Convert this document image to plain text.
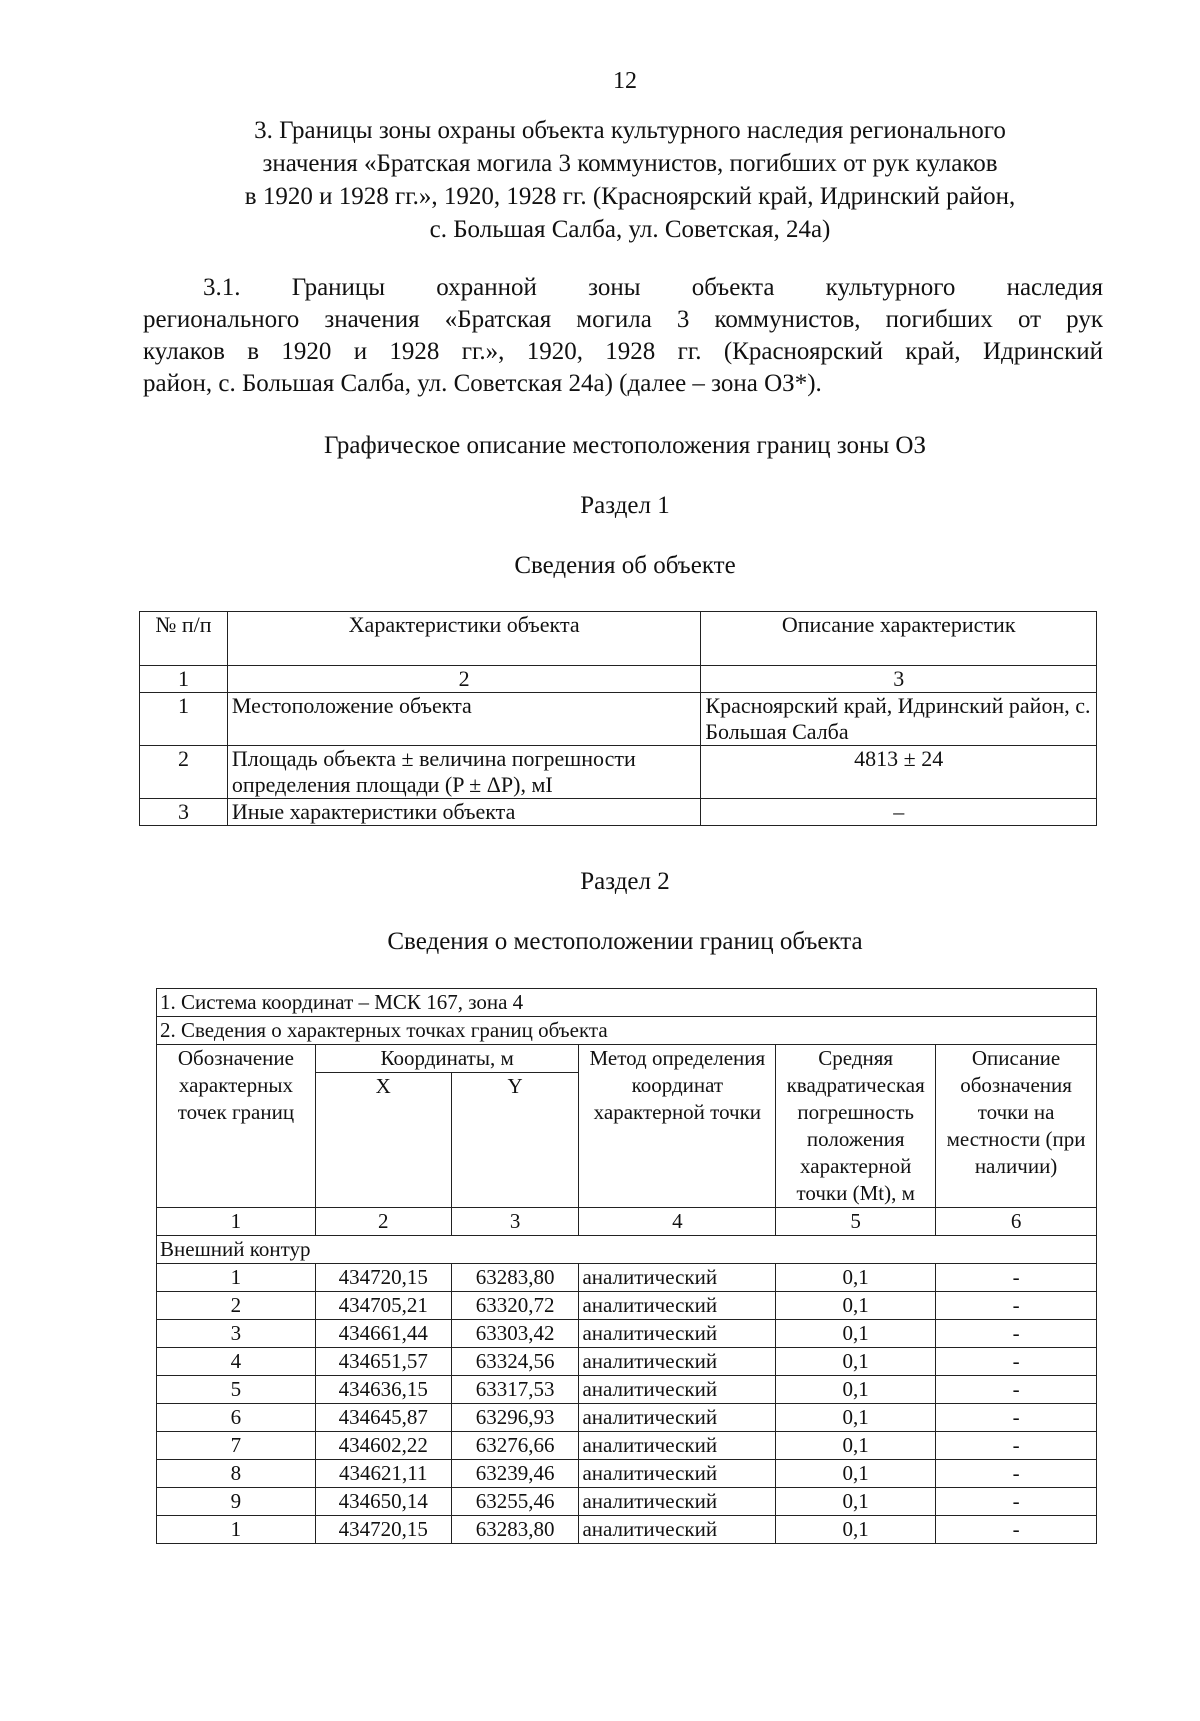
12
3. Границы зоны охраны объекта культурного наследия регионального
значения «Братская могила 3 коммунистов, погибших от рук кулаков
в 1920 и 1928 гг.», 1920, 1928 гг. (Красноярский край, Идринский район,
с. Большая Салба, ул. Советская, 24а)
3.1. Границы охранной зоны объекта культурного наследия
регионального значения «Братская могила 3 коммунистов, погибших от рук
кулаков в 1920 и 1928 гг.», 1920, 1928 гг. (Красноярский край, Идринский
район, с. Большая Салба, ул. Советская 24а) (далее – зона ОЗ*).
Графическое описание местоположения границ зоны ОЗ
Раздел 1
Сведения об объекте
№ п/п	Характеристики объекта	Описание характеристик
1	2	3
1	Местоположение объекта	Красноярский край, Идринский район, с. Большая Салба
2	Площадь объекта ± величина погрешности определения площади (P ± ΔP), мI	4813 ± 24
3	Иные характеристики объекта	–
Раздел 2
Сведения о местоположении границ объекта
1. Система координат – МСК 167, зона 4					
2. Сведения о характерных точках границ объекта					
Обозначение характерных точек границ	Координаты, м		Метод определения координат характерной точки	Средняя квадратическая погрешность положения характерной точки (Mt), м	Описание обозначения точки на местности (при наличии)
	X	Y			
1	2	3	4	5	6
Внешний контур					
1	434720,15	63283,80	аналитический	0,1	-
2	434705,21	63320,72	аналитический	0,1	-
3	434661,44	63303,42	аналитический	0,1	-
4	434651,57	63324,56	аналитический	0,1	-
5	434636,15	63317,53	аналитический	0,1	-
6	434645,87	63296,93	аналитический	0,1	-
7	434602,22	63276,66	аналитический	0,1	-
8	434621,11	63239,46	аналитический	0,1	-
9	434650,14	63255,46	аналитический	0,1	-
1	434720,15	63283,80	аналитический	0,1	-
